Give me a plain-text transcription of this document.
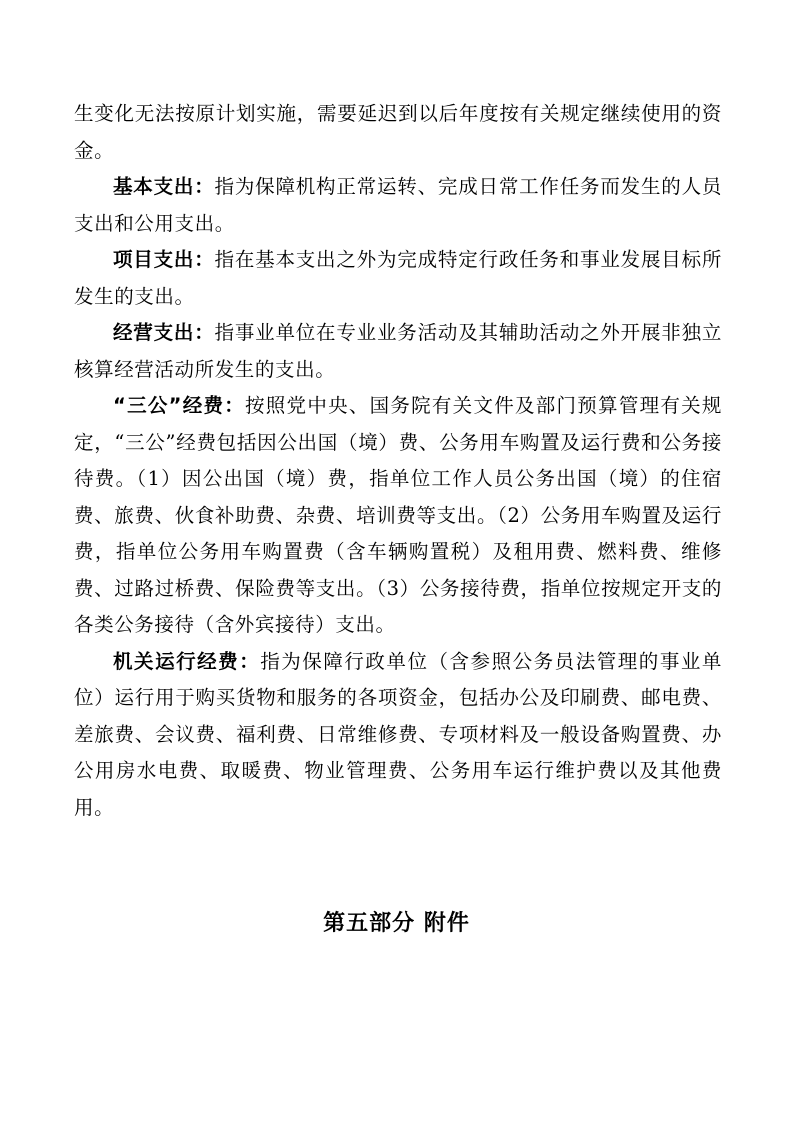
生变化无法按原计划实施，需要延迟到以后年度按有关规定继续使用的资金。

基本支出：指为保障机构正常运转、完成日常工作任务而发生的人员支出和公用支出。

项目支出：指在基本支出之外为完成特定行政任务和事业发展目标所发生的支出。

经营支出：指事业单位在专业业务活动及其辅助活动之外开展非独立核算经营活动所发生的支出。

“三公”经费：按照党中央、国务院有关文件及部门预算管理有关规定，“三公”经费包括因公出国（境）费、公务用车购置及运行费和公务接待费。（1）因公出国（境）费，指单位工作人员公务出国（境）的住宿费、旅费、伙食补助费、杂费、培训费等支出。（2）公务用车购置及运行费，指单位公务用车购置费（含车辆购置税）及租用费、燃料费、维修费、过路过桥费、保险费等支出。（3）公务接待费，指单位按规定开支的各类公务接待（含外宾接待）支出。

机关运行经费：指为保障行政单位（含参照公务员法管理的事业单位）运行用于购买货物和服务的各项资金，包括办公及印刷费、邮电费、差旅费、会议费、福利费、日常维修费、专项材料及一般设备购置费、办公用房水电费、取暖费、物业管理费、公务用车运行维护费以及其他费用。

第五部分 附件
